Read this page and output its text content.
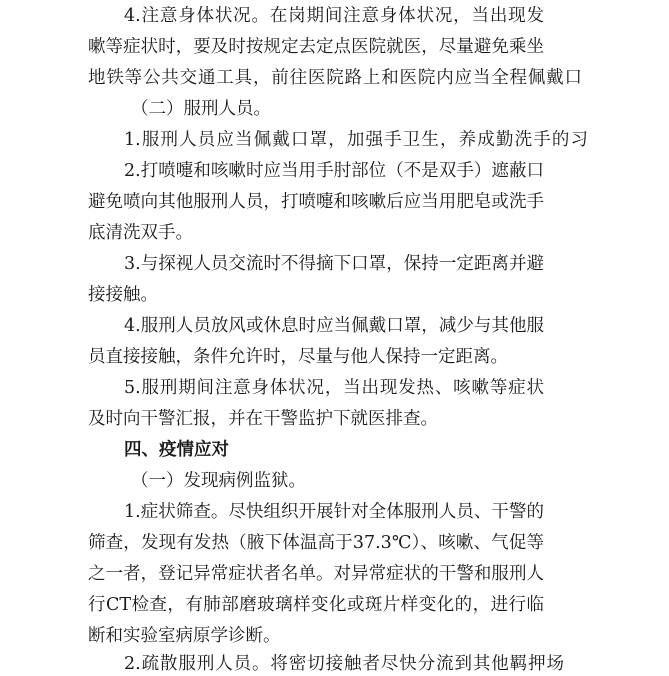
4.注意身体状况。在岗期间注意身体状况，当出现发
嗽等症状时，要及时按规定去定点医院就医，尽量避免乘坐
地铁等公共交通工具，前往医院路上和医院内应当全程佩戴口
（二）服刑人员。
1.服刑人员应当佩戴口罩，加强手卫生，养成勤洗手的习
2.打喷嚏和咳嗽时应当用手肘部位（不是双手）遮蔽口
避免喷向其他服刑人员，打喷嚏和咳嗽后应当用肥皂或洗手
底清洗双手。
3.与探视人员交流时不得摘下口罩，保持一定距离并避
接接触。
4.服刑人员放风或休息时应当佩戴口罩，减少与其他服
员直接接触，条件允许时，尽量与他人保持一定距离。
5.服刑期间注意身体状况，当出现发热、咳嗽等症状
及时向干警汇报，并在干警监护下就医排查。
四、疫情应对
（一）发现病例监狱。
1.症状筛查。尽快组织开展针对全体服刑人员、干警的
筛查，发现有发热（腋下体温高于37.3℃）、咳嗽、气促等
之一者，登记异常症状者名单。对异常症状的干警和服刑人
行CT检查，有肺部磨玻璃样变化或斑片样变化的，进行临
断和实验室病原学诊断。
2.疏散服刑人员。将密切接触者尽快分流到其他羁押场
